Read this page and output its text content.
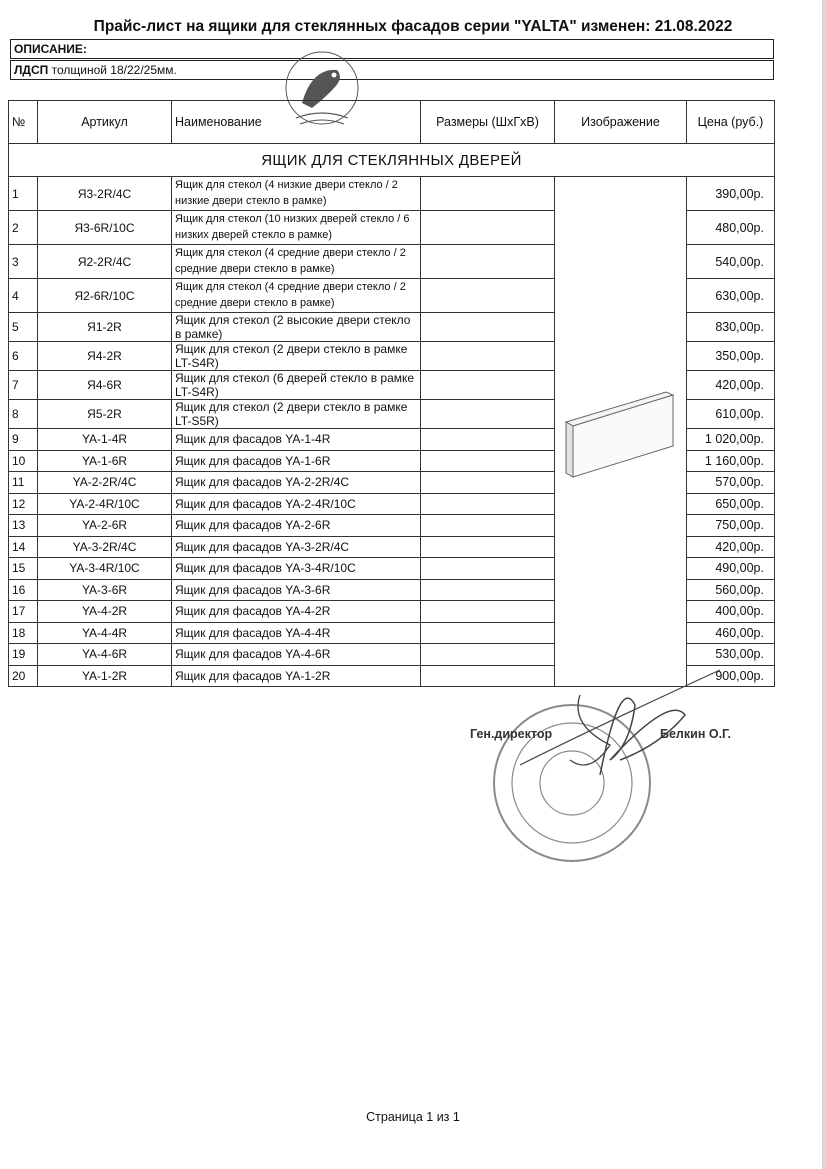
Прайс-лист на ящики для стеклянных фасадов серии "YALTA" изменен: 21.08.2022
ОПИСАНИЕ:
ЛДСП толщиной 18/22/25мм.
№	Артикул	Наименование	Размеры (ШхГхВ)	Изображение	Цена (руб.)
ЯЩИК ДЛЯ СТЕКЛЯННЫХ ДВЕРЕЙ					
1	Я3-2R/4C	Ящик для стекол (4 низкие двери стекло / 2 низкие двери стекло в рамке)			390,00р.
2	Я3-6R/10C	Ящик для стекол (10 низких дверей стекло / 6 низких дверей стекло в рамке)			480,00р.
3	Я2-2R/4C	Ящик для стекол (4 средние двери стекло / 2 средние двери стекло в рамке)			540,00р.
4	Я2-6R/10C	Ящик для стекол (4 средние двери стекло / 2 средние двери стекло в рамке)			630,00р.
5	Я1-2R	Ящик для стекол (2 высокие двери стекло в рамке)			830,00р.
6	Я4-2R	Ящик для стекол (2 двери стекло в рамке LT-S4R)			350,00р.
7	Я4-6R	Ящик для стекол (6 дверей стекло в рамке LT-S4R)			420,00р.
8	Я5-2R	Ящик для стекол (2 двери стекло в рамке LT-S5R)			610,00р.
9	YA-1-4R	Ящик для фасадов YA-1-4R			1 020,00р.
10	YA-1-6R	Ящик для фасадов YA-1-6R			1 160,00р.
11	YA-2-2R/4C	Ящик для фасадов YA-2-2R/4C			570,00р.
12	YA-2-4R/10C	Ящик для фасадов YA-2-4R/10C			650,00р.
13	YA-2-6R	Ящик для фасадов YA-2-6R			750,00р.
14	YA-3-2R/4C	Ящик для фасадов YA-3-2R/4C			420,00р.
15	YA-3-4R/10C	Ящик для фасадов YA-3-4R/10C			490,00р.
16	YA-3-6R	Ящик для фасадов YA-3-6R			560,00р.
17	YA-4-2R	Ящик для фасадов YA-4-2R			400,00р.
18	YA-4-4R	Ящик для фасадов YA-4-4R			460,00р.
19	YA-4-6R	Ящик для фасадов YA-4-6R			530,00р.
20	YA-1-2R	Ящик для фасадов YA-1-2R			900,00р.
Ген.директор	Белкин О.Г.
Страница 1 из 1
